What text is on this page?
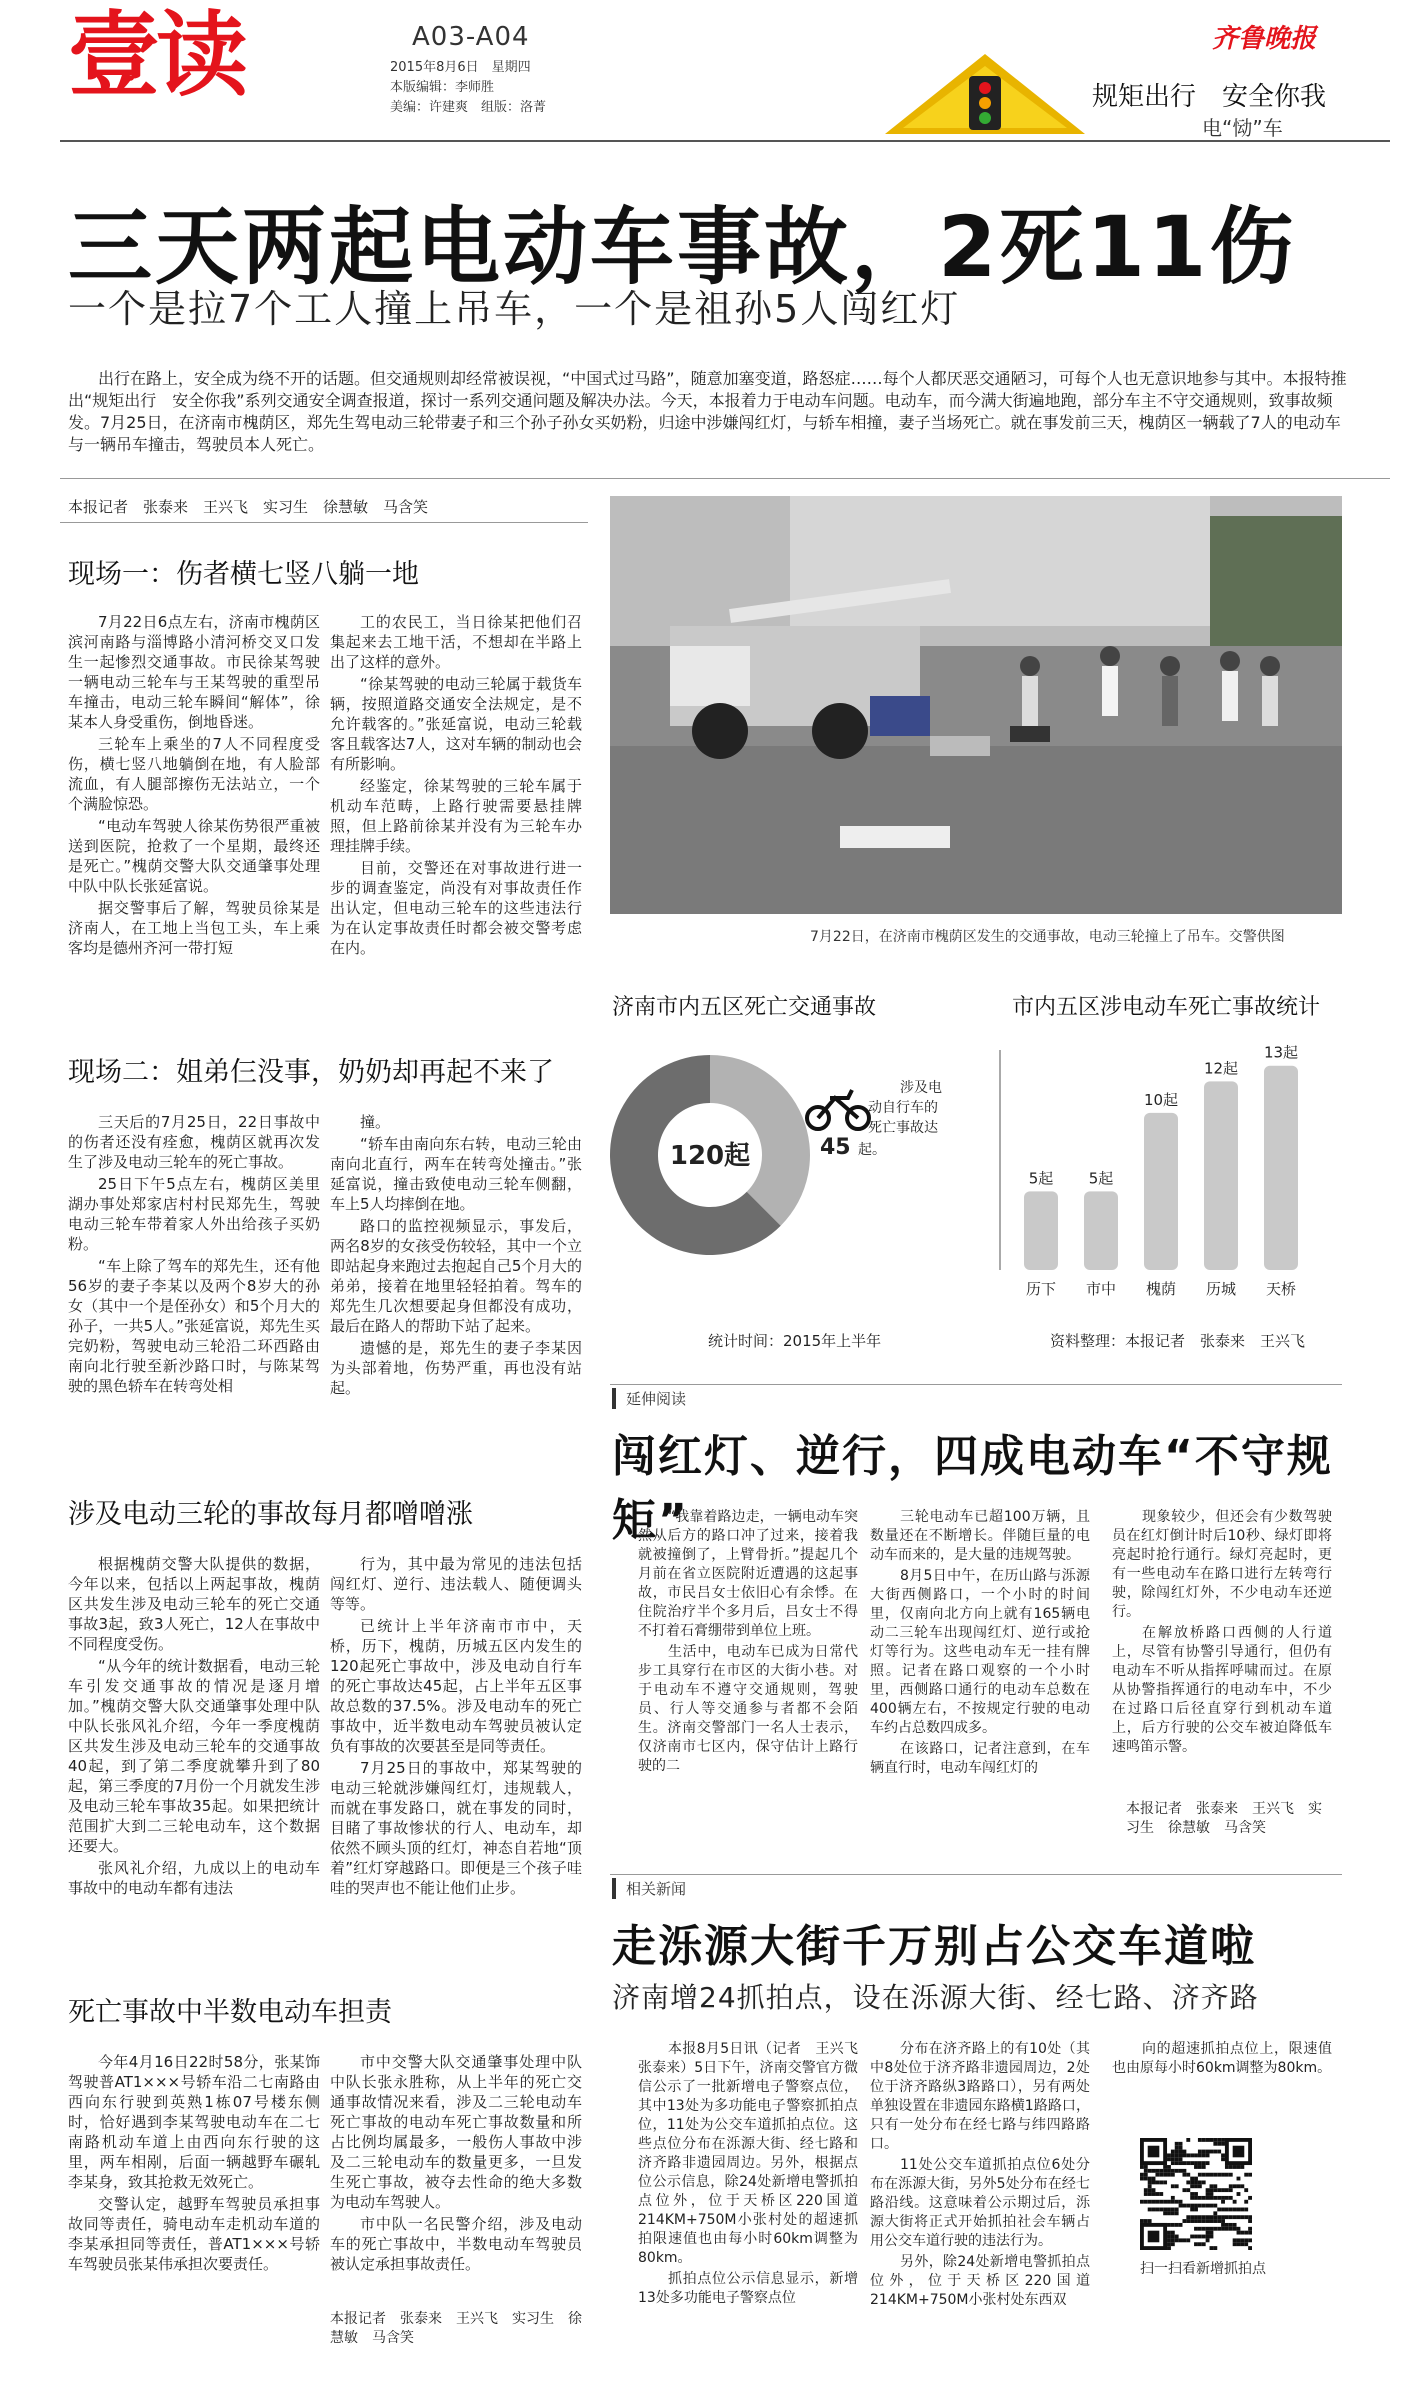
壹读	A03-A04
2015年8月6日　星期四
本版编辑：李师胜
美编：许建爽　组版：洛菁
齐鲁晚报
规矩出行　安全你我
电“恸”车
三天两起电动车事故，2死11伤
一个是拉7个工人撞上吊车，一个是祖孙5人闯红灯
出行在路上，安全成为绕不开的话题。但交通规则却经常被误视，“中国式过马路”，随意加塞变道，路怒症……每个人都厌恶交通陋习，可每个人也无意识地参与其中。本报特推出“规矩出行　安全你我”系列交通安全调查报道，探讨一系列交通问题及解决办法。今天，本报着力于电动车问题。电动车，而今满大街遍地跑，部分车主不守交通规则，致事故频发。7月25日，在济南市槐荫区，郑先生驾电动三轮带妻子和三个孙子孙女买奶粉，归途中涉嫌闯红灯，与轿车相撞，妻子当场死亡。就在事发前三天，槐荫区一辆载了7人的电动车与一辆吊车撞击，驾驶员本人死亡。
本报记者　张泰来　王兴飞　实习生　徐慧敏　马含笑
现场一：伤者横七竖八躺一地

7月22日6点左右，济南市槐荫区滨河南路与淄博路小清河桥交叉口发生一起惨烈交通事故。市民徐某驾驶一辆电动三轮车与王某驾驶的重型吊车撞击，电动三轮车瞬间“解体”，徐某本人身受重伤，倒地昏迷。

三轮车上乘坐的7人不同程度受伤，横七竖八地躺倒在地，有人脸部流血，有人腿部擦伤无法站立，一个个满脸惊恐。

“电动车驾驶人徐某伤势很严重被送到医院，抢救了一个星期，最终还是死亡。”槐荫交警大队交通肇事处理中队中队长张延富说。

据交警事后了解，驾驶员徐某是济南人，在工地上当包工头，车上乘客均是德州齐河一带打短

工的农民工，当日徐某把他们召集起来去工地干活，不想却在半路上出了这样的意外。

“徐某驾驶的电动三轮属于载货车辆，按照道路交通安全法规定，是不允许载客的。”张延富说，电动三轮载客且载客达7人，这对车辆的制动也会有所影响。

经鉴定，徐某驾驶的三轮车属于机动车范畴，上路行驶需要悬挂牌照，但上路前徐某并没有为三轮车办理挂牌手续。

目前，交警还在对事故进行进一步的调查鉴定，尚没有对事故责任作出认定，但电动三轮车的这些违法行为在认定事故责任时都会被交警考虑在内。

现场二：姐弟仨没事，奶奶却再起不来了

三天后的7月25日，22日事故中的伤者还没有痊愈，槐荫区就再次发生了涉及电动三轮车的死亡事故。

25日下午5点左右，槐荫区美里湖办事处郑家店村村民郑先生，驾驶电动三轮车带着家人外出给孩子买奶粉。

“车上除了驾车的郑先生，还有他56岁的妻子李某以及两个8岁大的孙女（其中一个是侄孙女）和5个月大的孙子，一共5人。”张延富说，郑先生买完奶粉，驾驶电动三轮沿二环西路由南向北行驶至新沙路口时，与陈某驾驶的黑色轿车在转弯处相

撞。

“轿车由南向东右转，电动三轮由南向北直行，两车在转弯处撞击。”张延富说，撞击致使电动三轮车侧翻，车上5人均摔倒在地。

路口的监控视频显示，事发后，两名8岁的女孩受伤较轻，其中一个立即站起身来跑过去抱起自己5个月大的弟弟，接着在地里轻轻拍着。驾车的郑先生几次想要起身但都没有成功，最后在路人的帮助下站了起来。

遗憾的是，郑先生的妻子李某因为头部着地，伤势严重，再也没有站起。

涉及电动三轮的事故每月都噌噌涨

根据槐荫交警大队提供的数据，今年以来，包括以上两起事故，槐荫区共发生涉及电动三轮车的死亡交通事故3起，致3人死亡，12人在事故中不同程度受伤。

“从今年的统计数据看，电动三轮车引发交通事故的情况是逐月增加。”槐荫交警大队交通肇事处理中队中队长张风礼介绍，今年一季度槐荫区共发生涉及电动三轮车的交通事故40起，到了第二季度就攀升到了80起，第三季度的7月份一个月就发生涉及电动三轮车事故35起。如果把统计范围扩大到二三轮电动车，这个数据还要大。

张风礼介绍，九成以上的电动车事故中的电动车都有违法

行为，其中最为常见的违法包括闯红灯、逆行、违法载人、随便调头等等。

已统计上半年济南市市中，天桥，历下，槐荫，历城五区内发生的120起死亡事故中，涉及电动自行车的死亡事故达45起，占上半年五区事故总数的37.5%。涉及电动车的死亡事故中，近半数电动车驾驶员被认定负有事故的次要甚至是同等责任。

7月25日的事故中，郑某驾驶的电动三轮就涉嫌闯红灯，违规载人，而就在事发路口，就在事发的同时，目睹了事故惨状的行人、电动车，却依然不顾头顶的红灯，神态自若地“顶着”红灯穿越路口。即便是三个孩子哇哇的哭声也不能让他们止步。

死亡事故中半数电动车担责

今年4月16日22时58分，张某饰驾驶普AT1×××号轿车沿二七南路由西向东行驶到英熟1栋07号楼东侧时，恰好遇到李某驾驶电动车在二七南路机动车道上由西向东行驶的这里，两车相剐，后面一辆越野车碾轧李某身，致其抢救无效死亡。

交警认定，越野车驾驶员承担事故同等责任，骑电动车走机动车道的李某承担同等责任，普AT1×××号轿车驾驶员张某伟承担次要责任。

市中交警大队交通肇事处理中队中队长张永胜称，从上半年的死亡交通事故情况来看，涉及二三轮电动车死亡事故的电动车死亡事故数量和所占比例均属最多，一般伤人事故中涉及二三轮电动车的数量更多，一旦发生死亡事故，被夺去性命的绝大多数为电动车驾驶人。

市中队一名民警介绍，涉及电动车的死亡事故中，半数电动车驾驶员被认定承担事故责任。

本报记者　张泰来　王兴飞　实习生　徐慧敏　马含笑
7月22日，在济南市槐荫区发生的交通事故，电动三轮撞上了吊车。交警供图
济南市内五区死亡交通事故	市内五区涉电动车死亡事故统计
120起
涉及电
动自行车的
死亡事故达
45 起。
5起
历下
5起
市中
10起
槐荫
12起
历城
13起
天桥
统计时间：2015年上半年	资料整理：本报记者　张泰来　王兴飞
延伸阅读
闯红灯、逆行，四成电动车“不守规矩”

“我靠着路边走，一辆电动车突然从后方的路口冲了过来，接着我就被撞倒了，上臂骨折。”提起几个月前在省立医院附近遭遇的这起事故，市民吕女士依旧心有余悸。在住院治疗半个多月后，吕女士不得不打着石膏绷带到单位上班。

生活中，电动车已成为日常代步工具穿行在市区的大街小巷。对于电动车不遵守交通规则，驾驶员、行人等交通参与者都不会陌生。济南交警部门一名人士表示，仅济南市七区内，保守估计上路行驶的二

三轮电动车已超100万辆，且数量还在不断增长。伴随巨量的电动车而来的，是大量的违规驾驶。

8月5日中午，在历山路与泺源大街西侧路口，一个小时的时间里，仅南向北方向上就有165辆电动二三轮车出现闯红灯、逆行或抢灯等行为。这些电动车无一挂有牌照。记者在路口观察的一个小时里，西侧路口通行的电动车总数在400辆左右，不按规定行驶的电动车约占总数四成多。

在该路口，记者注意到，在车辆直行时，电动车闯红灯的

现象较少，但还会有少数驾驶员在红灯倒计时后10秒、绿灯即将亮起时抢行通行。绿灯亮起时，更有一些电动车在路口进行左转弯行驶，除闯红灯外，不少电动车还逆行。

在解放桥路口西侧的人行道上，尽管有协警引导通行，但仍有电动车不听从指挥呼啸而过。在原从协警指挥通行的电动车中，不少在过路口后径直穿行到机动车道上，后方行驶的公交车被迫降低车速鸣笛示警。

本报记者　张泰来　王兴飞　实习生　徐慧敏　马含笑
相关新闻
走泺源大街千万别占公交车道啦
济南增24抓拍点，设在泺源大街、经七路、济齐路

本报8月5日讯（记者　王兴飞　张泰来）5日下午，济南交警官方微信公示了一批新增电子警察点位，其中13处为多功能电子警察抓拍点位，11处为公交车道抓拍点位。这些点位分布在泺源大街、经七路和济齐路非遗园周边。另外，根据点位公示信息，除24处新增电警抓拍点位外，位于天桥区220国道214KM+750M小张村处的超速抓拍限速值也由每小时60km调整为80km。

抓拍点位公示信息显示，新增13处多功能电子警察点位

分布在济齐路上的有10处（其中8处位于济齐路非遗园周边，2处位于济齐路纵3路路口），另有两处单独设置在非遗园东路横1路路口，只有一处分布在经七路与纬四路路口。

11处公交车道抓拍点位6处分布在泺源大街，另外5处分布在经七路沿线。这意味着公示期过后，泺源大街将正式开始抓拍社会车辆占用公交车道行驶的违法行为。

另外，除24处新增电警抓拍点位外，位于天桥区220国道214KM+750M小张村处东西双

向的超速抓拍点位上，限速值也由原每小时60km调整为80km。

扫一扫看新增抓拍点
